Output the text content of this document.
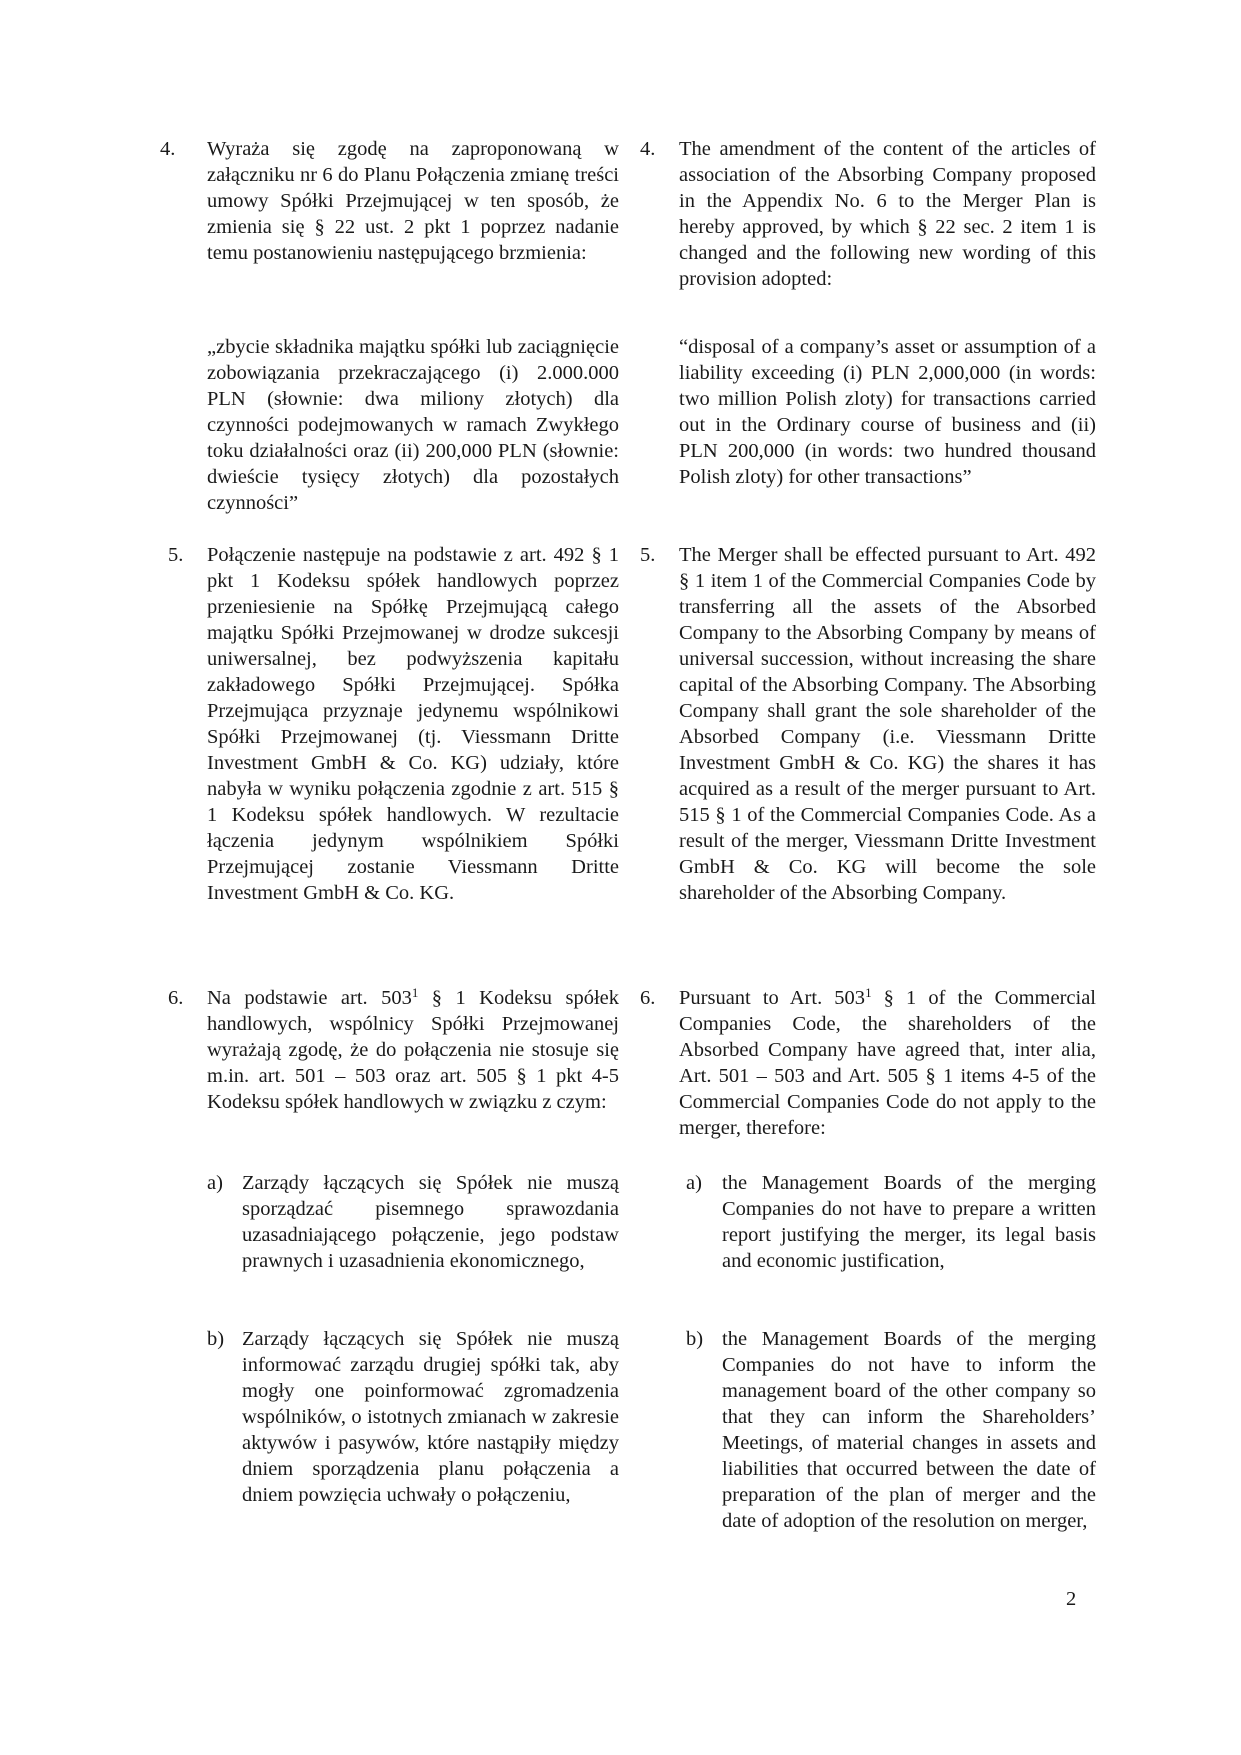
4. Wyraża się zgodę na zaproponowaną w załączniku nr 6 do Planu Połączenia zmianę treści umowy Spółki Przejmującej w ten sposób, że zmienia się § 22 ust. 2 pkt 1 poprzez nadanie temu postanowieniu następującego brzmienia:

4. The amendment of the content of the articles of association of the Absorbing Company proposed in the Appendix No. 6 to the Merger Plan is hereby approved, by which § 22 sec. 2 item 1 is changed and the following new wording of this provision adopted:

„zbycie składnika majątku spółki lub zaciągnięcie zobowiązania przekraczającego (i) 2.000.000 PLN (słownie: dwa miliony złotych) dla czynności podejmowanych w ramach Zwykłego toku działalności oraz (ii) 200,000 PLN (słownie: dwieście tysięcy złotych) dla pozostałych czynności”

“disposal of a company’s asset or assumption of a liability exceeding (i) PLN 2,000,000 (in words: two million Polish zloty) for transactions carried out in the Ordinary course of business and (ii) PLN 200,000 (in words: two hundred thousand Polish zloty) for other transactions”

5. Połączenie następuje na podstawie z art. 492 § 1 pkt 1 Kodeksu spółek handlowych poprzez przeniesienie na Spółkę Przejmującą całego majątku Spółki Przejmowanej w drodze sukcesji uniwersalnej, bez podwyższenia kapitału zakładowego Spółki Przejmującej. Spółka Przejmująca przyznaje jedynemu wspólnikowi Spółki Przejmowanej (tj. Viessmann Dritte Investment GmbH & Co. KG) udziały, które nabyła w wyniku połączenia zgodnie z art. 515 § 1 Kodeksu spółek handlowych. W rezultacie łączenia jedynym wspólnikiem Spółki Przejmującej zostanie Viessmann Dritte Investment GmbH & Co. KG.

5. The Merger shall be effected pursuant to Art. 492 § 1 item 1 of the Commercial Companies Code by transferring all the assets of the Absorbed Company to the Absorbing Company by means of universal succession, without increasing the share capital of the Absorbing Company. The Absorbing Company shall grant the sole shareholder of the Absorbed Company (i.e. Viessmann Dritte Investment GmbH & Co. KG) the shares it has acquired as a result of the merger pursuant to Art. 515 § 1 of the Commercial Companies Code. As a result of the merger, Viessmann Dritte Investment GmbH & Co. KG will become the sole shareholder of the Absorbing Company.

6. Na podstawie art. $503^1$ § 1 Kodeksu spółek handlowych, wspólnicy Spółki Przejmowanej wyrażają zgodę, że do połączenia nie stosuje się m.in. art. 501 – 503 oraz art. 505 § 1 pkt 4-5 Kodeksu spółek handlowych w związku z czym:

6. Pursuant to Art. $503^1$ § 1 of the Commercial Companies Code, the shareholders of the Absorbed Company have agreed that, inter alia, Art. 501 – 503 and Art. 505 § 1 items 4-5 of the Commercial Companies Code do not apply to the merger, therefore:

a) Zarządy łączących się Spółek nie muszą sporządzać pisemnego sprawozdania uzasadniającego połączenie, jego podstaw prawnych i uzasadnienia ekonomicznego,

a) the Management Boards of the merging Companies do not have to prepare a written report justifying the merger, its legal basis and economic justification,

b) Zarządy łączących się Spółek nie muszą informować zarządu drugiej spółki tak, aby mogły one poinformować zgromadzenia wspólników, o istotnych zmianach w zakresie aktywów i pasywów, które nastąpiły między dniem sporządzenia planu połączenia a dniem powzięcia uchwały o połączeniu,

b) the Management Boards of the merging Companies do not have to inform the management board of the other company so that they can inform the Shareholders’ Meetings, of material changes in assets and liabilities that occurred between the date of preparation of the plan of merger and the date of adoption of the resolution on merger,

2
